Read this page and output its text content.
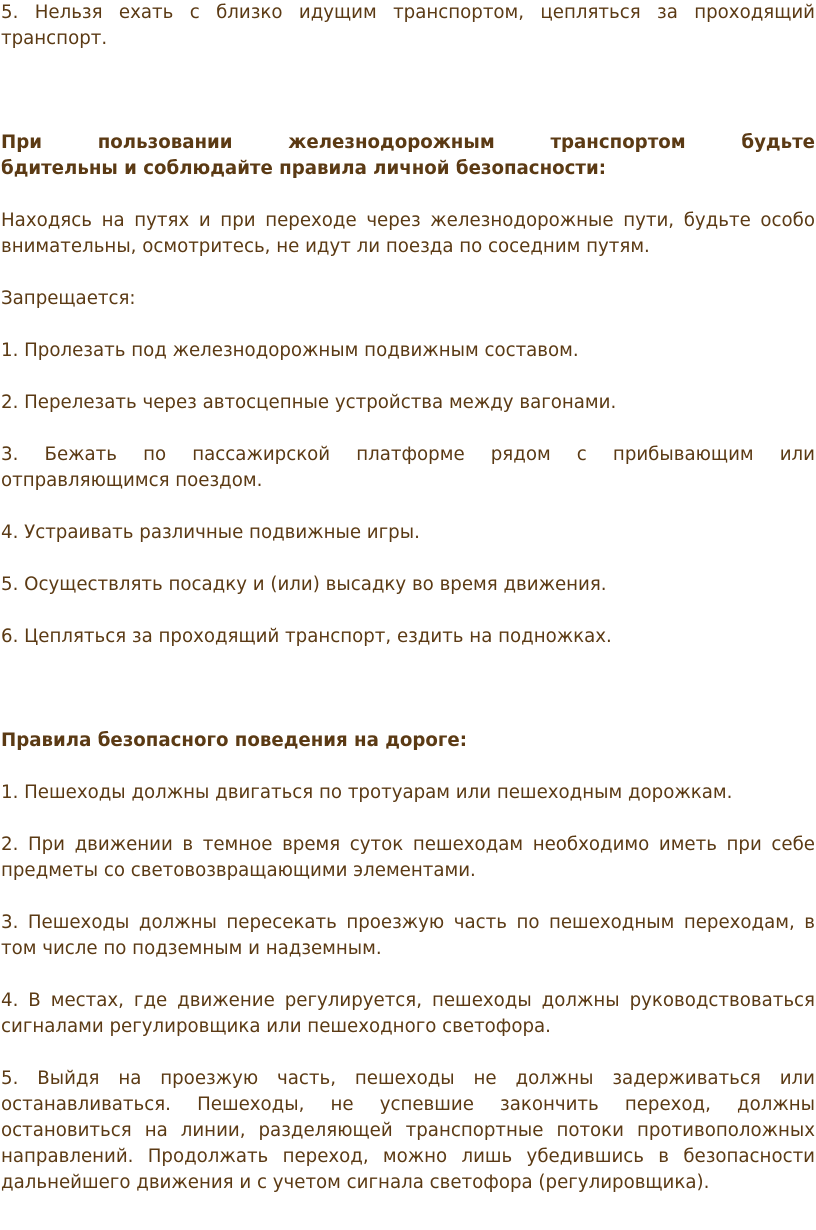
5. Нельзя ехать с близко идущим транспортом, цепляться за проходящий транспорт.

При пользовании железнодорожным транспортом будьте

бдительны и соблюдайте правила личной безопасности:

Находясь на путях и при переходе через железнодорожные пути, будьте особо внимательны, осмотритесь, не идут ли поезда по соседним путям.

Запрещается:

1. Пролезать под железнодорожным подвижным составом.

2. Перелезать через автосцепные устройства между вагонами.

3. Бежать по пассажирской платформе рядом с прибывающим или отправляющимся поездом.

4. Устраивать различные подвижные игры.

5. Осуществлять посадку и (или) высадку во время движения.

6. Цепляться за проходящий транспорт, ездить на подножках.

Правила безопасного поведения на дороге:

1. Пешеходы должны двигаться по тротуарам или пешеходным дорожкам.

2. При движении в темное время суток пешеходам необходимо иметь при себе предметы со световозвращающими элементами.

3. Пешеходы должны пересекать проезжую часть по пешеходным переходам, в том числе по подземным и надземным.

4. В местах, где движение регулируется, пешеходы должны руководствоваться сигналами регулировщика или пешеходного светофора.

5. Выйдя на проезжую часть, пешеходы не должны задерживаться или останавливаться. Пешеходы, не успевшие закончить переход, должны остановиться на линии, разделяющей транспортные потоки противоположных направлений. Продолжать переход, можно лишь убедившись в безопасности дальнейшего движения и с учетом сигнала светофора (регулировщика).
